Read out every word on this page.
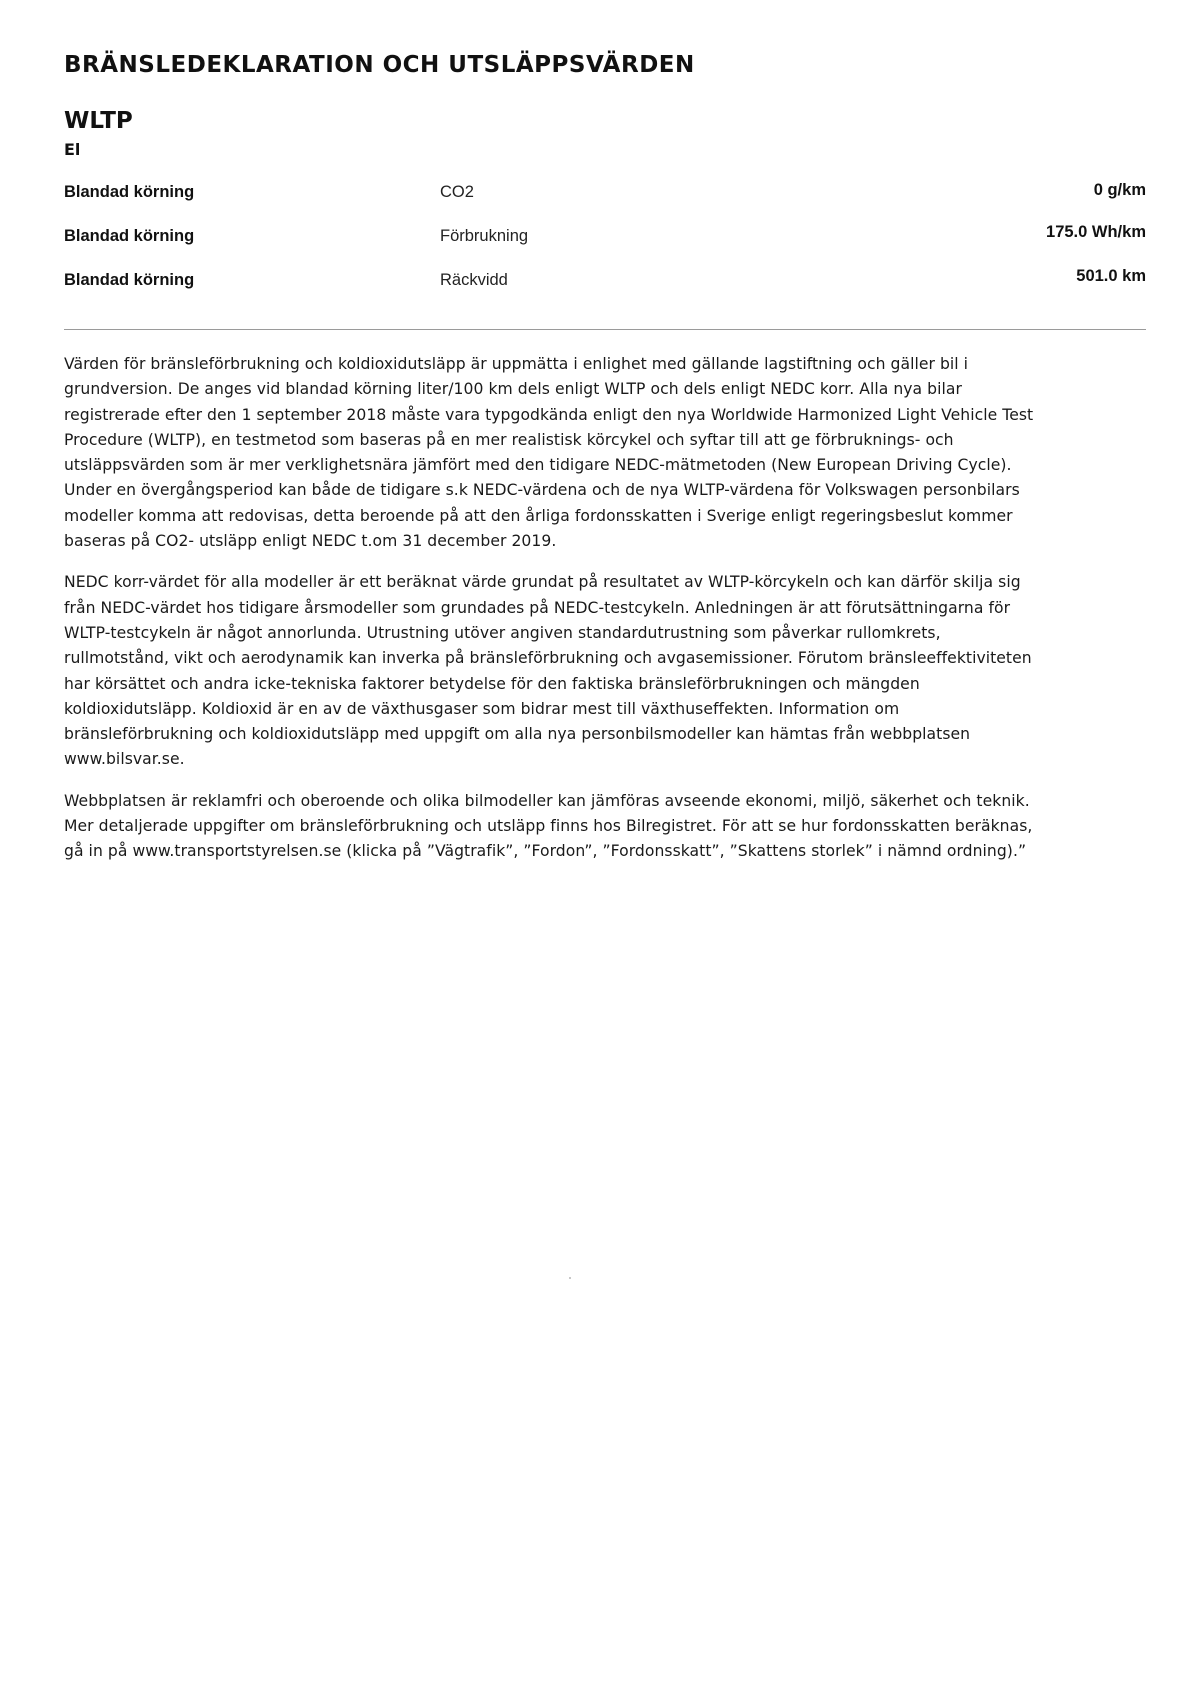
BRÄNSLEDEKLARATION OCH UTSLÄPPSVÄRDEN
WLTP
El
Blandad körning	CO2	0 g/km
Blandad körning	Förbrukning	175.0 Wh/km
Blandad körning	Räckvidd	501.0 km

Värden för bränsleförbrukning och koldioxidutsläpp är uppmätta i enlighet med gällande lagstiftning och gäller bil i
grundversion. De anges vid blandad körning liter/100 km dels enligt WLTP och dels enligt NEDC korr. Alla nya bilar
registrerade efter den 1 september 2018 måste vara typgodkända enligt den nya Worldwide Harmonized Light Vehicle Test
Procedure (WLTP), en testmetod som baseras på en mer realistisk körcykel och syftar till att ge förbruknings- och
utsläppsvärden som är mer verklighetsnära jämfört med den tidigare NEDC-mätmetoden (New European Driving Cycle).
Under en övergångsperiod kan både de tidigare s.k NEDC-värdena och de nya WLTP-värdena för Volkswagen personbilars
modeller komma att redovisas, detta beroende på att den årliga fordonsskatten i Sverige enligt regeringsbeslut kommer
baseras på CO2- utsläpp enligt NEDC t.om 31 december 2019.

NEDC korr-värdet för alla modeller är ett beräknat värde grundat på resultatet av WLTP-körcykeln och kan därför skilja sig
från NEDC-värdet hos tidigare årsmodeller som grundades på NEDC-testcykeln. Anledningen är att förutsättningarna för
WLTP-testcykeln är något annorlunda. Utrustning utöver angiven standardutrustning som påverkar rullomkrets,
rullmotstånd, vikt och aerodynamik kan inverka på bränsleförbrukning och avgasemissioner. Förutom bränsleeffektiviteten
har körsättet och andra icke-tekniska faktorer betydelse för den faktiska bränsleförbrukningen och mängden
koldioxidutsläpp. Koldioxid är en av de växthusgaser som bidrar mest till växthuseffekten. Information om
bränsleförbrukning och koldioxidutsläpp med uppgift om alla nya personbilsmodeller kan hämtas från webbplatsen
www.bilsvar.se.

Webbplatsen är reklamfri och oberoende och olika bilmodeller kan jämföras avseende ekonomi, miljö, säkerhet och teknik.
Mer detaljerade uppgifter om bränsleförbrukning och utsläpp finns hos Bilregistret. För att se hur fordonsskatten beräknas,
gå in på www.transportstyrelsen.se (klicka på ”Vägtrafik”, ”Fordon”, ”Fordonsskatt”, ”Skattens storlek” i nämnd ordning).”
